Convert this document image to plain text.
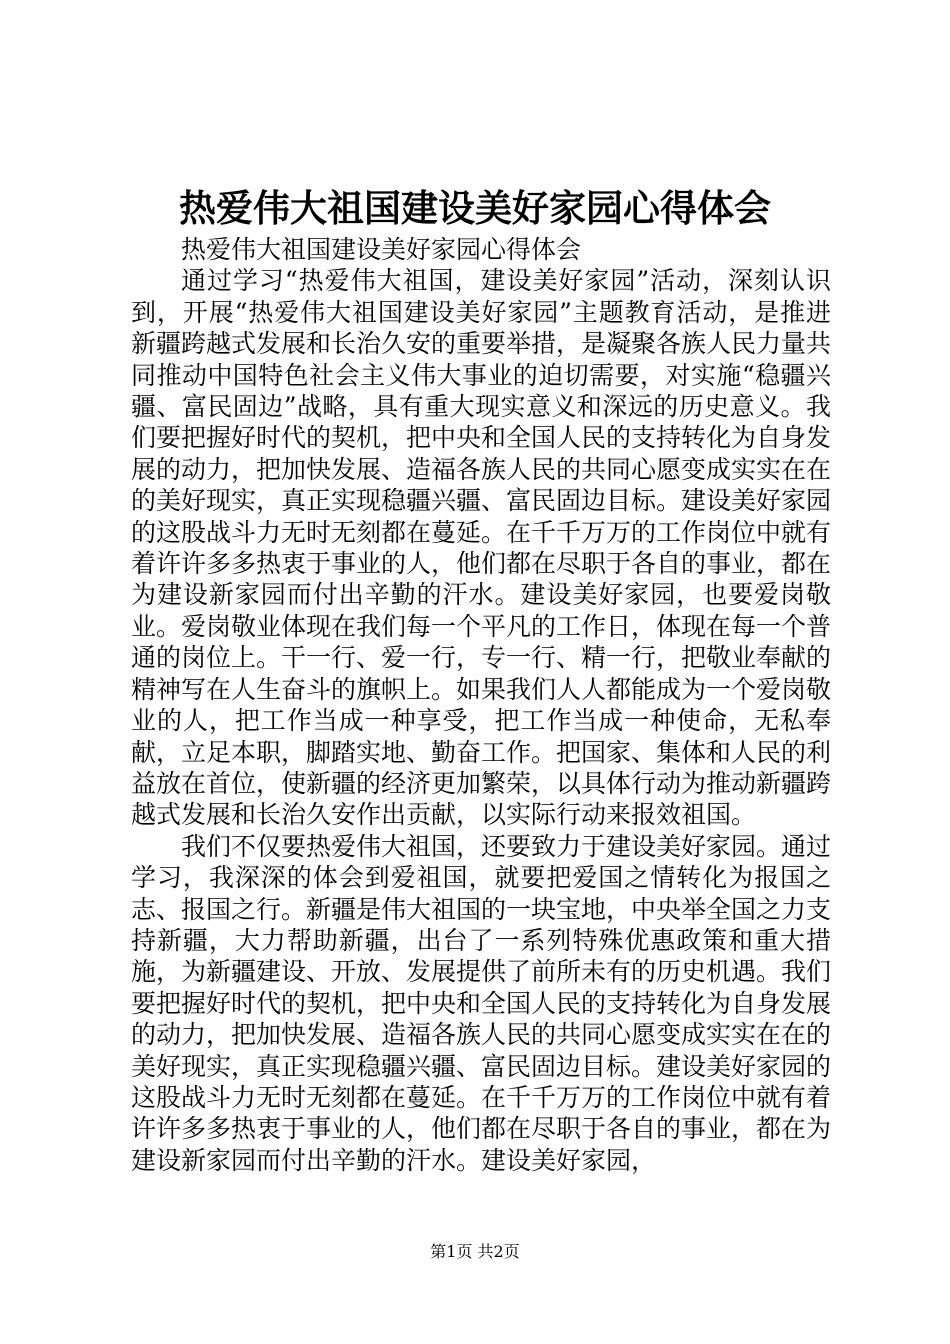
热爱伟大祖国建设美好家园心得体会

热爱伟大祖国建设美好家园心得体会

通过学习“热爱伟大祖国，建设美好家园”活动，深刻认识到，开展“热爱伟大祖国建设美好家园”主题教育活动，是推进新疆跨越式发展和长治久安的重要举措，是凝聚各族人民力量共同推动中国特色社会主义伟大事业的迫切需要，对实施“稳疆兴疆、富民固边”战略，具有重大现实意义和深远的历史意义。我们要把握好时代的契机，把中央和全国人民的支持转化为自身发展的动力，把加快发展、造福各族人民的共同心愿变成实实在在的美好现实，真正实现稳疆兴疆、富民固边目标。建设美好家园的这股战斗力无时无刻都在蔓延。在千千万万的工作岗位中就有着许许多多热衷于事业的人，他们都在尽职于各自的事业，都在为建设新家园而付出辛勤的汗水。建设美好家园，也要爱岗敬业。爱岗敬业体现在我们每一个平凡的工作日，体现在每一个普通的岗位上。干一行、爱一行，专一行、精一行，把敬业奉献的精神写在人生奋斗的旗帜上。如果我们人人都能成为一个爱岗敬业的人，把工作当成一种享受，把工作当成一种使命，无私奉献，立足本职，脚踏实地、勤奋工作。把国家、集体和人民的利益放在首位，使新疆的经济更加繁荣，以具体行动为推动新疆跨越式发展和长治久安作出贡献，以实际行动来报效祖国。

我们不仅要热爱伟大祖国，还要致力于建设美好家园。通过学习，我深深的体会到爱祖国，就要把爱国之情转化为报国之志、报国之行。新疆是伟大祖国的一块宝地，中央举全国之力支持新疆，大力帮助新疆，出台了一系列特殊优惠政策和重大措施，为新疆建设、开放、发展提供了前所未有的历史机遇。我们要把握好时代的契机，把中央和全国人民的支持转化为自身发展的动力，把加快发展、造福各族人民的共同心愿变成实实在在的美好现实，真正实现稳疆兴疆、富民固边目标。建设美好家园的这股战斗力无时无刻都在蔓延。在千千万万的工作岗位中就有着许许多多热衷于事业的人，他们都在尽职于各自的事业，都在为建设新家园而付出辛勤的汗水。建设美好家园，

第1页 共2页
